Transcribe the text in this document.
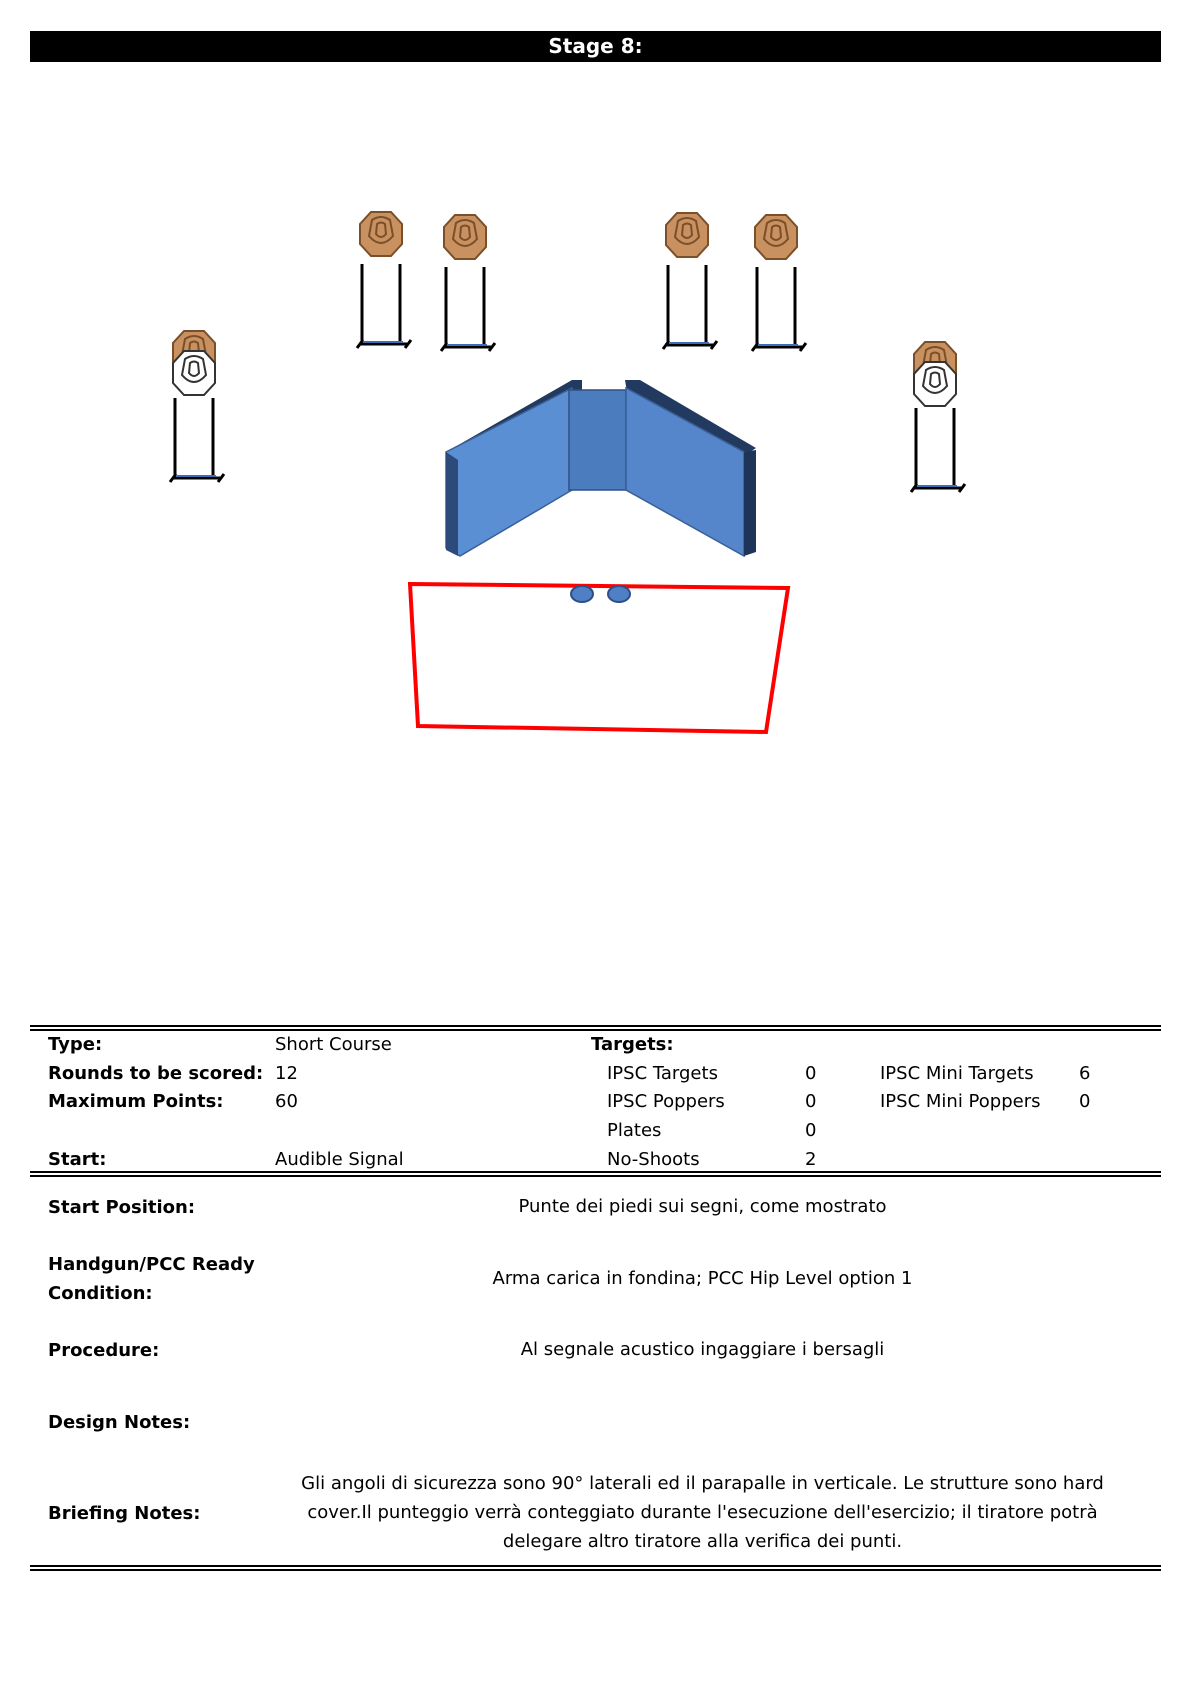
Stage 8:
Type:	Short Course
Rounds to be scored: 12
Maximum Points:	60
Start:	Audible Signal
Targets:
IPSC Targets	0
IPSC Poppers	0
Plates	0
No-Shoots	2
IPSC Mini Targets	6
IPSC Mini Poppers 0
Start Position:	Punte dei piedi sui segni, come mostrato
Handgun/PCC Ready
Condition:
Arma carica in fondina; PCC Hip Level option 1
Procedure:	Al segnale acustico ingaggiare i bersagli
Design Notes:
Briefing Notes:
Gli angoli di sicurezza sono 90° laterali ed il parapalle in verticale. Le strutture sono hard
cover.Il punteggio verrà conteggiato durante l'esecuzione dell'esercizio; il tiratore potrà
delegare altro tiratore alla verifica dei punti.
